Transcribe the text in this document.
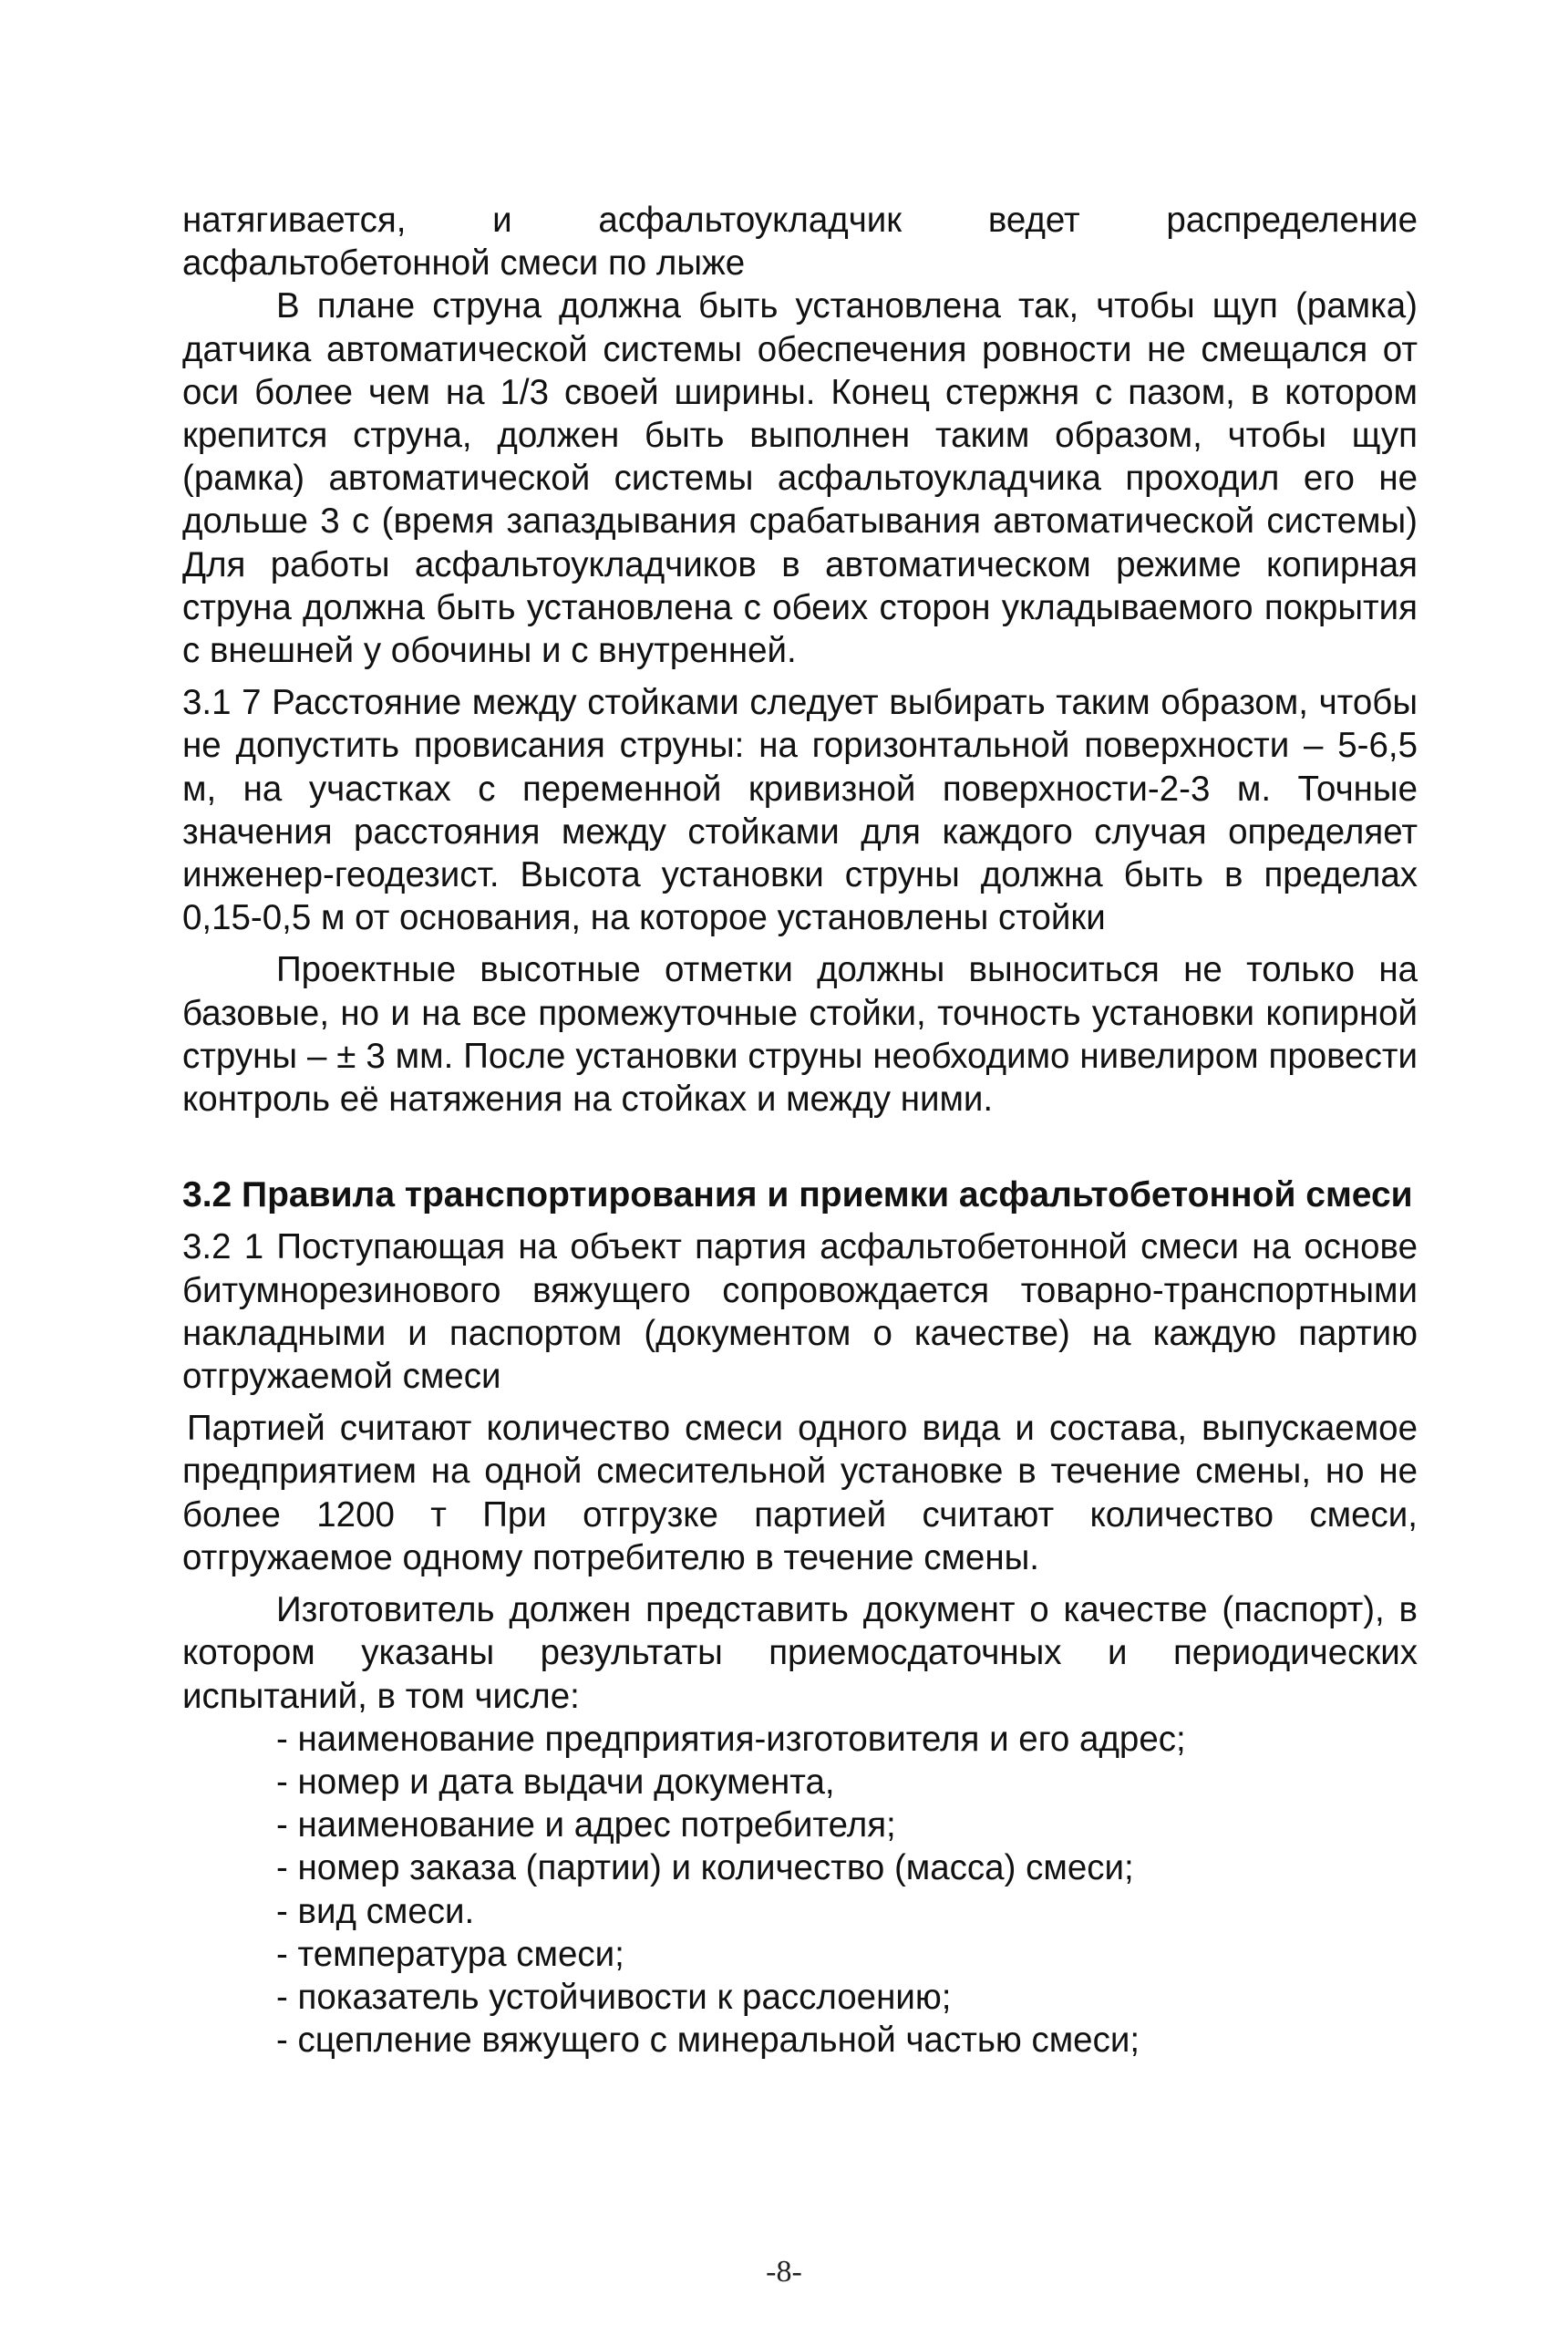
натягивается, и асфальтоукладчик ведет распределение асфальтобетонной смеси по лыже

В плане струна должна быть установлена так, чтобы щуп (рамка) датчика автоматической системы обеспечения ровности не смещался от оси более чем на 1/3 своей ширины. Конец стержня с пазом, в котором крепится струна, должен быть выполнен таким образом, чтобы щуп (рамка) автоматической системы асфальтоукладчика проходил его не дольше 3 с (время запаздывания срабатывания автоматической системы) Для работы асфальтоукладчиков в автоматическом режиме копирная струна должна быть установлена с обеих сторон укладываемого покрытия с внешней у обочины и с внутренней.

3.1 7 Расстояние между стойками следует выбирать таким образом, чтобы не допустить провисания струны: на горизонтальной поверхности – 5-6,5 м, на участках с переменной кривизной поверхности-2-3 м. Точные значения расстояния между стойками для каждого случая определяет инженер-геодезист. Высота установки струны должна быть в пределах 0,15-0,5 м от основания, на которое установлены стойки

Проектные высотные отметки должны выноситься не только на базовые, но и на все промежуточные стойки, точность установки копирной струны – ± 3 мм. После установки струны необходимо нивелиром провести контроль её натяжения на стойках и между ними.

3.2 Правила транспортирования и приемки асфальтобетонной смеси

3.2 1 Поступающая на объект партия асфальтобетонной смеси на основе битумнорезинового вяжущего сопровождается товарно-транспортными накладными и паспортом (документом о качестве) на каждую партию отгружаемой смеси

Партией считают количество смеси одного вида и состава, выпускаемое предприятием на одной смесительной установке в течение смены, но не более 1200 т При отгрузке партией считают количество смеси, отгружаемое одному потребителю в течение смены.

Изготовитель должен представить документ о качестве (паспорт), в котором указаны результаты приемосдаточных и периодических испытаний, в том числе:

- наименование предприятия-изготовителя и его адрес;
- номер и дата выдачи документа,
- наименование и адрес потребителя;
- номер заказа (партии) и количество (масса) смеси;
- вид смеси.
- температура смеси;
- показатель устойчивости к расслоению;
- сцепление вяжущего с минеральной частью смеси;
-8-
